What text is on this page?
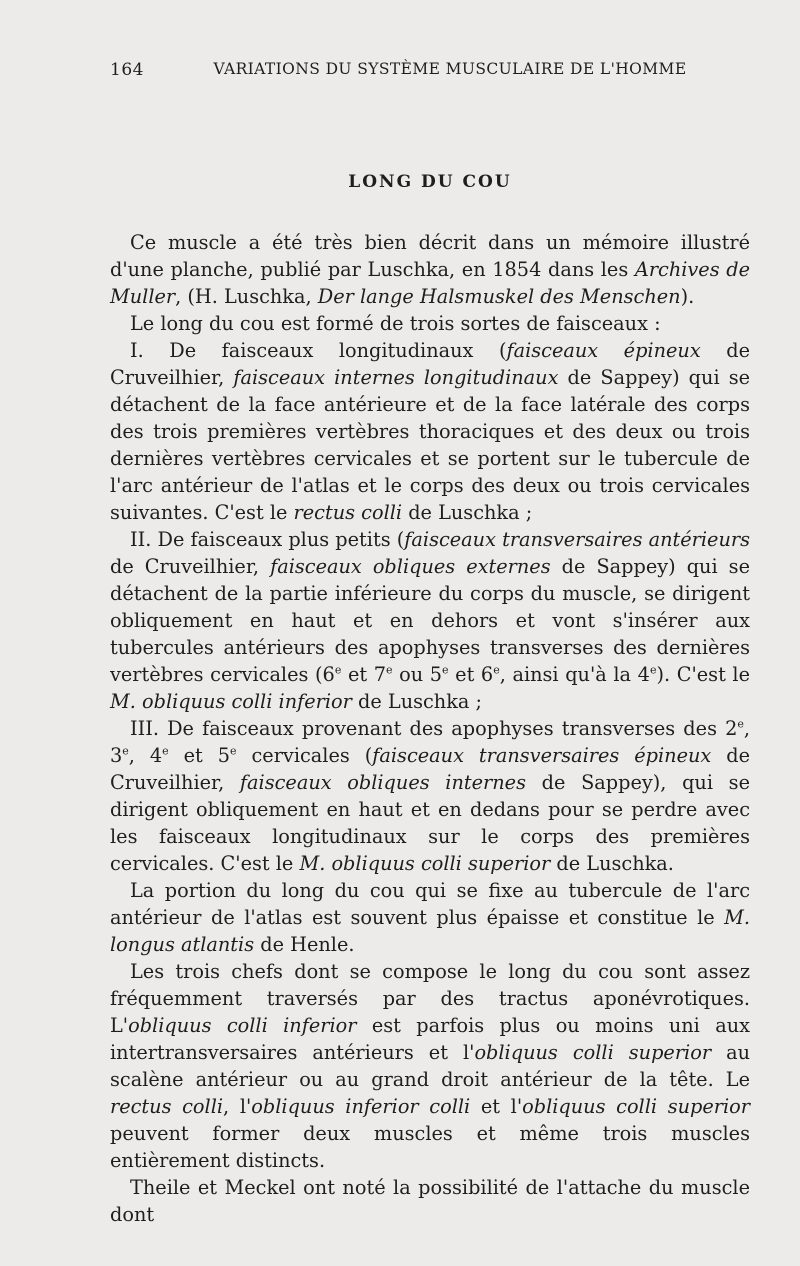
164	VARIATIONS DU SYSTÈME MUSCULAIRE DE L'HOMME
LONG DU COU

Ce muscle a été très bien décrit dans un mémoire illustré d'une planche, publié par Luschka, en 1854 dans les Archives de Muller, (H. Luschka, Der lange Halsmuskel des Menschen).

Le long du cou est formé de trois sortes de faisceaux :

I. De faisceaux longitudinaux (faisceaux épineux de Cruveilhier, faisceaux internes longitudinaux de Sappey) qui se détachent de la face antérieure et de la face latérale des corps des trois premières vertèbres thoraciques et des deux ou trois dernières vertèbres cervicales et se portent sur le tubercule de l'arc antérieur de l'atlas et le corps des deux ou trois cervicales suivantes. C'est le rectus colli de Luschka ;

II. De faisceaux plus petits (faisceaux transversaires antérieurs de Cruveilhier, faisceaux obliques externes de Sappey) qui se détachent de la partie inférieure du corps du muscle, se dirigent obliquement en haut et en dehors et vont s'insérer aux tubercules antérieurs des apophyses transverses des dernières vertèbres cervicales (6e et 7e ou 5e et 6e, ainsi qu'à la 4e). C'est le M. obliquus colli inferior de Luschka ;

III. De faisceaux provenant des apophyses transverses des 2e, 3e, 4e et 5e cervicales (faisceaux transversaires épineux de Cruveilhier, faisceaux obliques internes de Sappey), qui se dirigent obliquement en haut et en dedans pour se perdre avec les faisceaux longitudinaux sur le corps des premières cervicales. C'est le M. obliquus colli superior de Luschka.

La portion du long du cou qui se fixe au tubercule de l'arc antérieur de l'atlas est souvent plus épaisse et constitue le M. longus atlantis de Henle.

Les trois chefs dont se compose le long du cou sont assez fréquemment traversés par des tractus aponévrotiques. L'obliquus colli inferior est parfois plus ou moins uni aux intertransversaires antérieurs et l'obliquus colli superior au scalène antérieur ou au grand droit antérieur de la tête. Le rectus colli, l'obliquus inferior colli et l'obliquus colli superior peuvent former deux muscles et même trois muscles entièrement distincts.

Theile et Meckel ont noté la possibilité de l'attache du muscle dont
